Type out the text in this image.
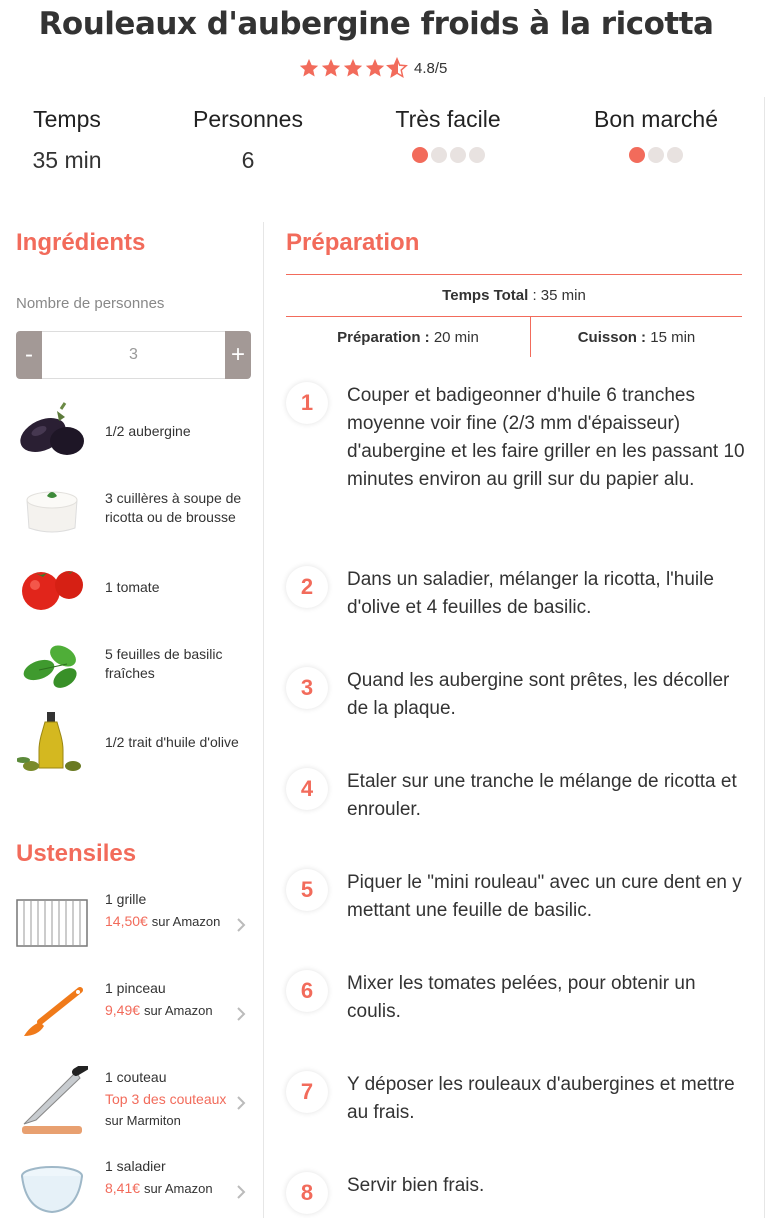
Rouleaux d'aubergine froids à la ricotta
4.8/5
Temps
35 min
Personnes
6
Très facile	Bon marché
Ingrédients
Nombre de personnes
-	3	+
1/2 aubergine
3 cuillères à soupe de ricotta ou de brousse
1 tomate
5 feuilles de basilic fraîches
1/2 trait d'huile d'olive
Ustensiles
1 grille
14,50€ sur Amazon
1 pinceau
9,49€ sur Amazon
1 couteau
Top 3 des couteaux
sur Marmiton
1 saladier
8,41€ sur Amazon
Préparation
Temps Total : 35 min
Préparation : 20 min	Cuisson : 15 min
1	Couper et badigeonner d'huile 6 tranches moyenne voir fine (2/3 mm d'épaisseur) d'aubergine et les faire griller en les passant 10 minutes environ au grill sur du papier alu.
2	Dans un saladier, mélanger la ricotta, l'huile d'olive et 4 feuilles de basilic.
3	Quand les aubergine sont prêtes, les décoller de la plaque.
4	Etaler sur une tranche le mélange de ricotta et enrouler.
5	Piquer le "mini rouleau" avec un cure dent en y mettant une feuille de basilic.
6	Mixer les tomates pelées, pour obtenir un coulis.
7	Y déposer les rouleaux d'aubergines et mettre au frais.
8	Servir bien frais.
